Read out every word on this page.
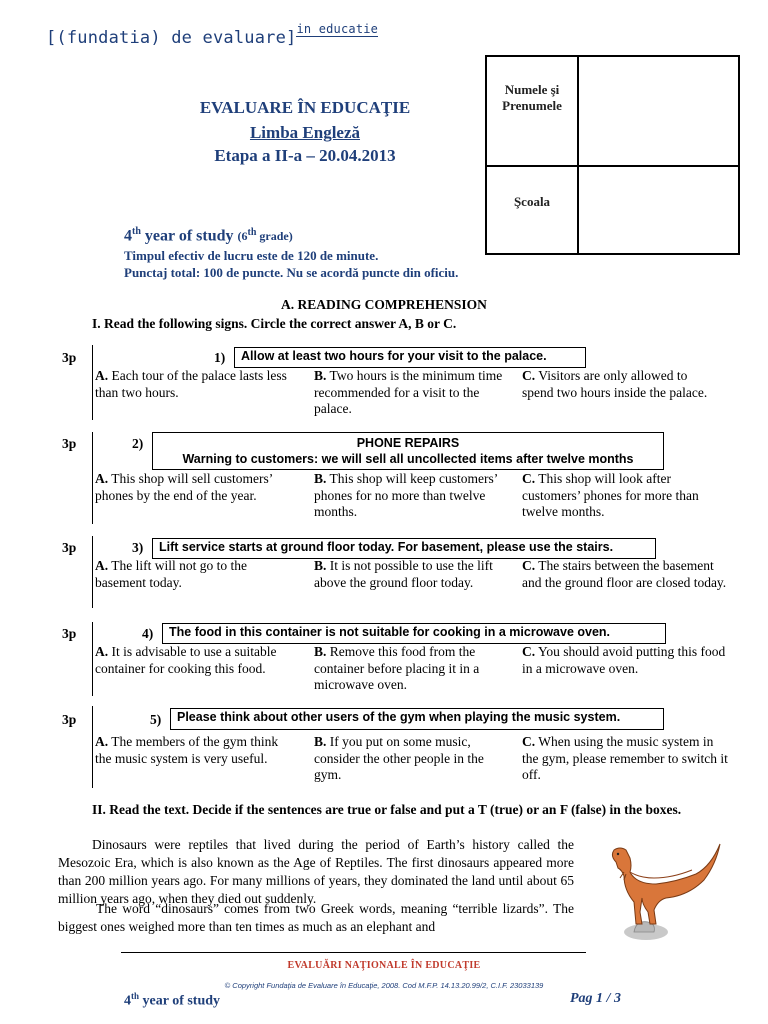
[(fundatia) de evaluare]in educatie
EVALUARE ÎN EDUCAŢIE
Limba Engleză
Etapa a II-a – 20.04.2013
Numele şi Prenumele
Şcoala
4th year of study (6th grade)
Timpul efectiv de lucru este de 120 de minute.
Punctaj total: 100 de puncte. Nu se acordă puncte din oficiu.
A. READING COMPREHENSION
I. Read the following signs. Circle the correct answer A, B or C.
3p	1)	Allow at least two hours for your visit to the palace.
A. Each tour of the palace lasts less than two hours.
B. Two hours is the minimum time recommended for a visit to the palace.
C. Visitors are only allowed to spend two hours inside the palace.
3p	2)	PHONE REPAIRS
Warning to customers: we will sell all uncollected items after twelve months
A. This shop will sell customers’ phones by the end of the year.
B. This shop will keep customers’ phones for no more than twelve months.
C. This shop will look after customers’ phones for more than twelve months.
3p	3)	Lift service starts at ground floor today. For basement, please use the stairs.
A. The lift will not go to the basement today.
B. It is not possible to use the lift above the ground floor today.
C. The stairs between the basement and the ground floor are closed today.
3p	4)	The food in this container is not suitable for cooking in a microwave oven.
A. It is advisable to use a suitable container for cooking this food.
B. Remove this food from the container before placing it in a microwave oven.
C. You should avoid putting this food in a microwave oven.
3p	5)	Please think about other users of the gym when playing the music system.
A. The members of the gym think the music system is very useful.
B. If you put on some music, consider the other people in the gym.
C. When using the music system in the gym, please remember to switch it off.
II. Read the text. Decide if the sentences are true or false and put a T (true) or an F (false) in the boxes.
Dinosaurs were reptiles that lived during the period of Earth’s history called the Mesozoic Era, which is also known as the Age of Reptiles. The first dinosaurs appeared more than 200 million years ago. For many millions of years, they dominated the land until about 65 million years ago, when they died out suddenly.
The word “dinosaurs” comes from two Greek words, meaning “terrible lizards”. The biggest ones weighed more than ten times as much as an elephant and
EVALUĂRI NAŢIONALE ÎN EDUCAŢIE
© Copyright Fundaţia de Evaluare în Educaţie, 2008. Cod M.F.P. 14.13.20.99/2, C.I.F. 23033139
4th year of study	Pag 1 / 3
